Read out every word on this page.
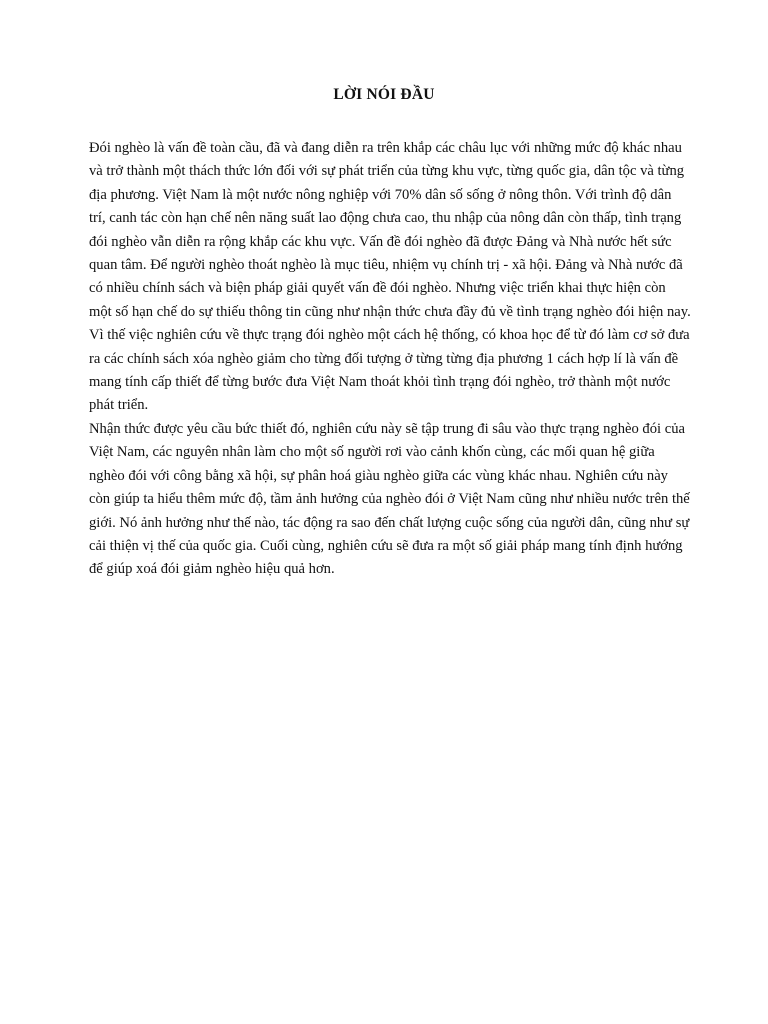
LỜI NÓI ĐẦU

Đói nghèo là vấn đề toàn cầu, đã và đang diễn ra trên khắp các châu lục với những mức độ khác nhau và trở thành một thách thức lớn đối với sự phát triển của từng khu vực, từng quốc gia, dân tộc và từng địa phương. Việt Nam là một nước nông nghiệp với 70% dân số sống ở nông thôn. Với trình độ dân trí, canh tác còn hạn chế nên năng suất lao động chưa cao, thu nhập của nông dân còn thấp, tình trạng đói nghèo vẫn diễn ra rộng khắp các khu vực. Vấn đề đói nghèo đã được Đảng và Nhà nước hết sức quan tâm. Để người nghèo thoát nghèo là mục tiêu, nhiệm vụ chính trị - xã hội. Đảng và Nhà nước đã có nhiều chính sách và biện pháp giải quyết vấn đề đói nghèo. Nhưng việc triển khai thực hiện còn một số hạn chế do sự thiếu thông tin cũng như nhận thức chưa đầy đủ về tình trạng nghèo đói hiện nay. Vì thế việc nghiên cứu về thực trạng đói nghèo một cách hệ thống, có khoa học để từ đó làm cơ sở đưa ra các chính sách xóa nghèo giảm cho từng đối tượng ở từng từng địa phương 1 cách hợp lí là vấn đề mang tính cấp thiết để từng bước đưa Việt Nam thoát khỏi tình trạng đói nghèo, trở thành một nước phát triển.

Nhận thức được yêu cầu bức thiết đó, nghiên cứu này sẽ tập trung đi sâu vào thực trạng nghèo đói của Việt Nam, các nguyên nhân làm cho một số người rơi vào cảnh khốn cùng, các mối quan hệ giữa nghèo đói với công bằng xã hội, sự phân hoá giàu nghèo giữa các vùng khác nhau. Nghiên cứu này còn giúp ta hiểu thêm mức độ, tầm ảnh hưởng của nghèo đói ở Việt Nam cũng như nhiều nước trên thế giới. Nó ảnh hưởng như thế nào, tác động ra sao đến chất lượng cuộc sống của người dân, cũng như sự cải thiện vị thế của quốc gia. Cuối cùng, nghiên cứu sẽ đưa ra một số giải pháp mang tính định hướng để giúp xoá đói giảm nghèo hiệu quả hơn.
